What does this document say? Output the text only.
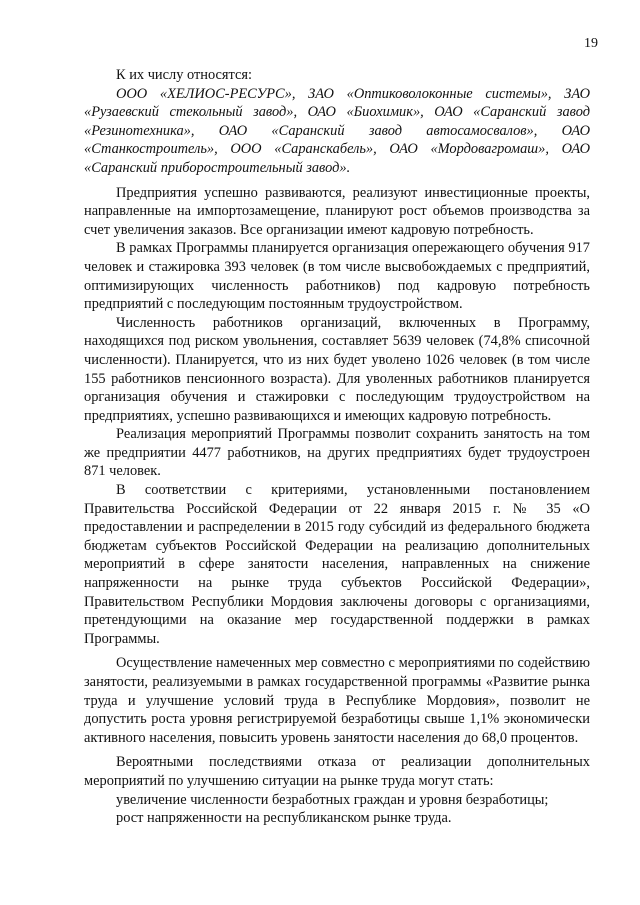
19

К их числу относятся:

ООО «ХЕЛИОС-РЕСУРС», ЗАО «Оптиковолоконные системы», ЗАО «Рузаевский стекольный завод», ОАО «Биохимик», ОАО «Саранский завод «Резинотехника», ОАО «Саранский завод автосамосвалов», ОАО «Станкостроитель», ООО «Саранскабель», ОАО «Мордовагромаш», ОАО «Саранский приборостроительный завод».

Предприятия успешно развиваются, реализуют инвестиционные проекты, направленные на импортозамещение, планируют рост объемов производства за счет увеличения заказов. Все организации имеют кадровую потребность.

В рамках Программы планируется организация опережающего обучения 917 человек и стажировка 393 человек (в том числе высвобождаемых с предприятий, оптимизирующих численность работников) под кадровую потребность предприятий с последующим постоянным трудоустройством.

Численность работников организаций, включенных в Программу, находящихся под риском увольнения, составляет 5639 человек (74,8% списочной численности). Планируется, что из них будет уволено 1026 человек (в том числе 155 работников пенсионного возраста). Для уволенных работников планируется организация обучения и стажировки с последующим трудоустройством на предприятиях, успешно развивающихся и имеющих кадровую потребность.

Реализация мероприятий Программы позволит сохранить занятость на том же предприятии 4477 работников, на других предприятиях будет трудоустроен 871 человек.

В соответствии с критериями, установленными постановлением Правительства Российской Федерации от 22 января 2015 г. № 35 «О предоставлении и распределении в 2015 году субсидий из федерального бюджета бюджетам субъектов Российской Федерации на реализацию дополнительных мероприятий в сфере занятости населения, направленных на снижение напряженности на рынке труда субъектов Российской Федерации», Правительством Республики Мордовия заключены договоры с организациями, претендующими на оказание мер государственной поддержки в рамках Программы.

Осуществление намеченных мер совместно с мероприятиями по содействию занятости, реализуемыми в рамках государственной программы «Развитие рынка труда и улучшение условий труда в Республике Мордовия», позволит не допустить роста уровня регистрируемой безработицы свыше 1,1% экономически активного населения, повысить уровень занятости населения до 68,0 процентов.

Вероятными последствиями отказа от реализации дополнительных мероприятий по улучшению ситуации на рынке труда могут стать:

увеличение численности безработных граждан и уровня безработицы;

рост напряженности на республиканском рынке труда.
